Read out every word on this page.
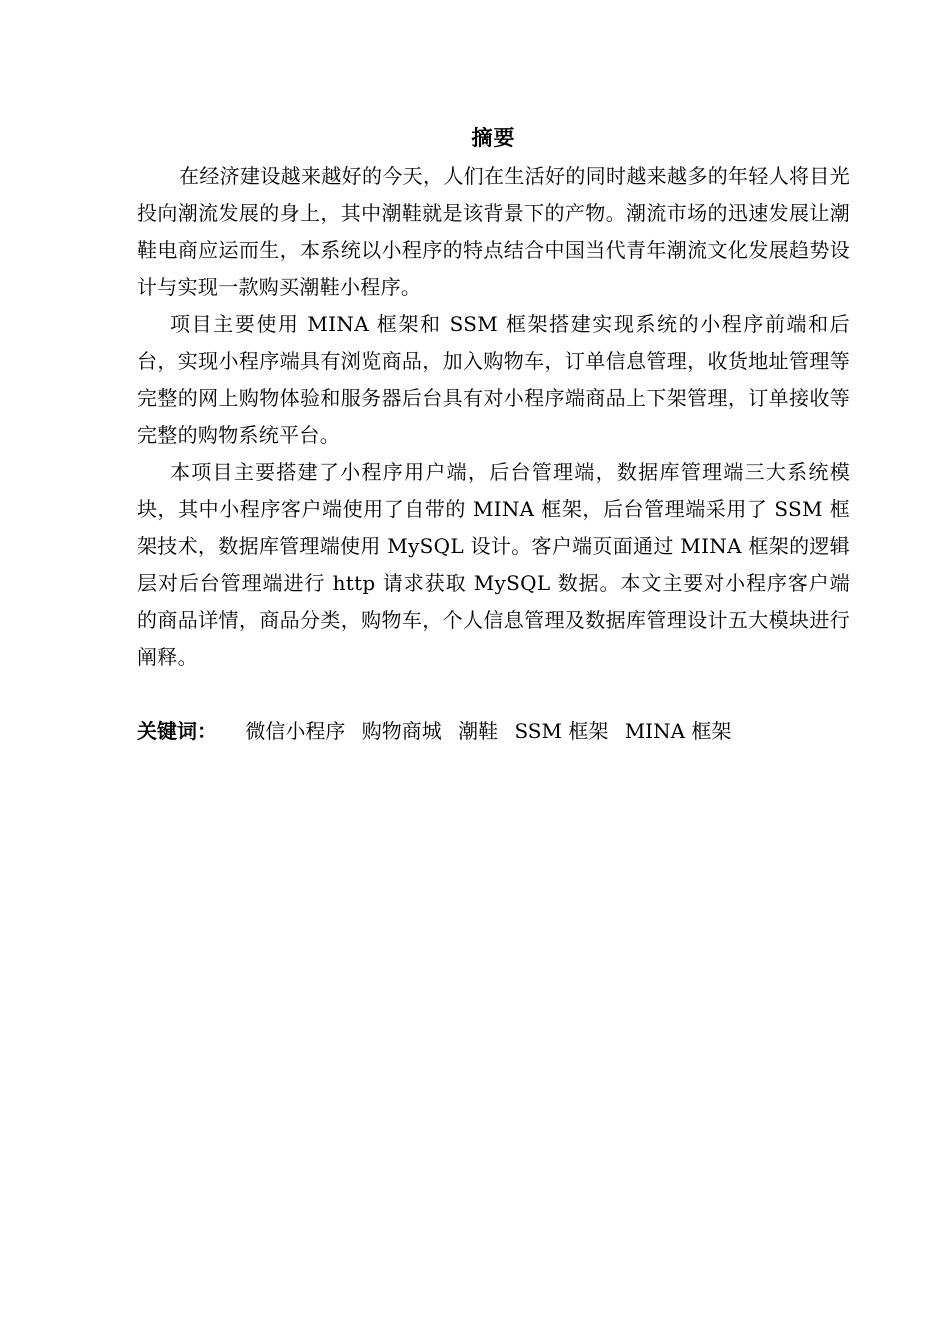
摘要

在经济建设越来越好的今天，人们在生活好的同时越来越多的年轻人将目光投向潮流发展的身上，其中潮鞋就是该背景下的产物。潮流市场的迅速发展让潮鞋电商应运而生，本系统以小程序的特点结合中国当代青年潮流文化发展趋势设计与实现一款购买潮鞋小程序。

项目主要使用 MINA 框架和 SSM 框架搭建实现系统的小程序前端和后台，实现小程序端具有浏览商品，加入购物车，订单信息管理，收货地址管理等完整的网上购物体验和服务器后台具有对小程序端商品上下架管理，订单接收等完整的购物系统平台。

本项目主要搭建了小程序用户端，后台管理端，数据库管理端三大系统模块，其中小程序客户端使用了自带的 MINA 框架，后台管理端采用了 SSM 框架技术，数据库管理端使用 MySQL 设计。客户端页面通过 MINA 框架的逻辑层对后台管理端进行 http 请求获取 MySQL 数据。本文主要对小程序客户端的商品详情，商品分类，购物车，个人信息管理及数据库管理设计五大模块进行阐释。

关键词： 微信小程序 购物商城 潮鞋 SSM 框架 MINA 框架
